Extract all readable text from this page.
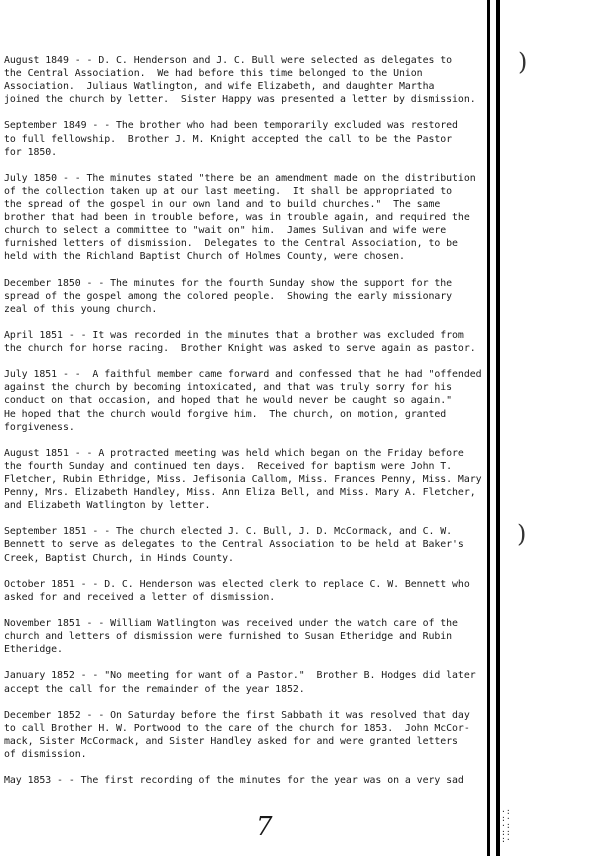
August 1849 - - D. C. Henderson and J. C. Bull were selected as delegates to
the Central Association.  We had before this time belonged to the Union
Association.  Juliaus Watlington, and wife Elizabeth, and daughter Martha
joined the church by letter.  Sister Happy was presented a letter by dismission.

September 1849 - - The brother who had been temporarily excluded was restored
to full fellowship.  Brother J. M. Knight accepted the call to be the Pastor
for 1850.

July 1850 - - The minutes stated "there be an amendment made on the distribution
of the collection taken up at our last meeting.  It shall be appropriated to
the spread of the gospel in our own land and to build churches."  The same
brother that had been in trouble before, was in trouble again, and required the
church to select a committee to "wait on" him.  James Sulivan and wife were
furnished letters of dismission.  Delegates to the Central Association, to be
held with the Richland Baptist Church of Holmes County, were chosen.

December 1850 - - The minutes for the fourth Sunday show the support for the
spread of the gospel among the colored people.  Showing the early missionary
zeal of this young church.

April 1851 - - It was recorded in the minutes that a brother was excluded from
the church for horse racing.  Brother Knight was asked to serve again as pastor.

July 1851 - -  A faithful member came forward and confessed that he had "offended
against the church by becoming intoxicated, and that was truly sorry for his
conduct on that occasion, and hoped that he would never be caught so again."
He hoped that the church would forgive him.  The church, on motion, granted
forgiveness.

August 1851 - - A protracted meeting was held which began on the Friday before
the fourth Sunday and continued ten days.  Received for baptism were John T.
Fletcher, Rubin Ethridge, Miss. Jefisonia Callom, Miss. Frances Penny, Miss. Mary
Penny, Mrs. Elizabeth Handley, Miss. Ann Eliza Bell, and Miss. Mary A. Fletcher,
and Elizabeth Watlington by letter.

September 1851 - - The church elected J. C. Bull, J. D. McCormack, and C. W.
Bennett to serve as delegates to the Central Association to be held at Baker's
Creek, Baptist Church, in Hinds County.

October 1851 - - D. C. Henderson was elected clerk to replace C. W. Bennett who
asked for and received a letter of dismission.

November 1851 - - William Watlington was received under the watch care of the
church and letters of dismission were furnished to Susan Etheridge and Rubin
Etheridge.

January 1852 - - "No meeting for want of a Pastor."  Brother B. Hodges did later
accept the call for the remainder of the year 1852.

December 1852 - - On Saturday before the first Sabbath it was resolved that day
to call Brother H. W. Portwood to the care of the church for 1853.  John McCor-
mack, Sister McCormack, and Sister Handley asked for and were granted letters
of dismission.

May 1853 - - The first recording of the minutes for the year was on a very sad

)
)
7
·:
:·
·:
::
:·
